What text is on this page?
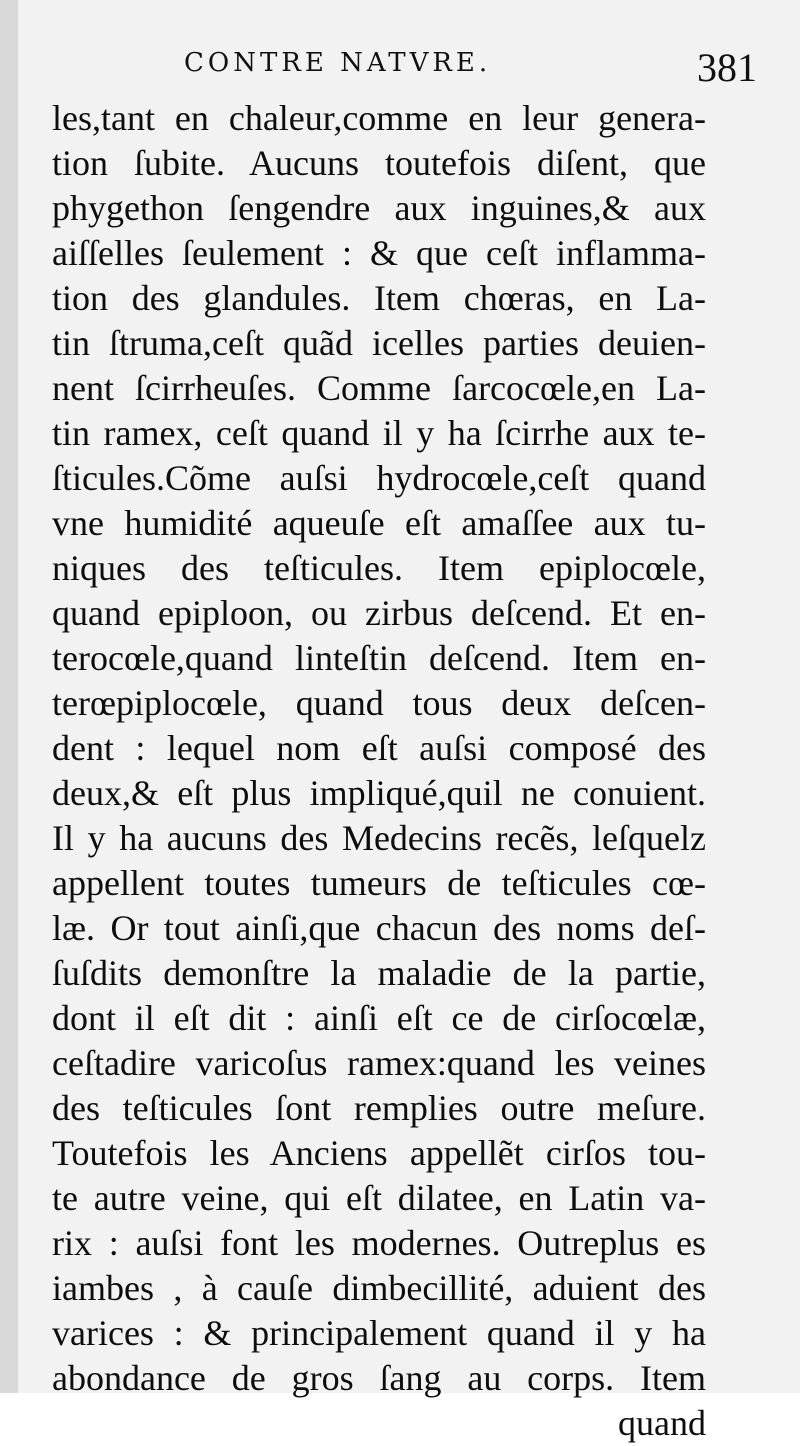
CONTRE NATVRE.	381
les,tant en chaleur,comme en leur genera-
tion ſubite. Aucuns toutefois diſent, que
phygethon ſengendre aux inguines,& aux
aiſſelles ſeulement : & que ceſt inflamma-
tion des glandules. Item chœras, en La-
tin ſtruma,ceſt quãd icelles parties deuien-
nent ſcirrheuſes. Comme ſarcocœle,en La-
tin ramex, ceſt quand il y ha ſcirrhe aux te-
ſticules.Cõme auſsi hydrocœle,ceſt quand
vne humidité aqueuſe eſt amaſſee aux tu-
niques des teſticules. Item epiplocœle,
quand epiploon, ou zirbus deſcend. Et en-
terocœle,quand linteſtin deſcend. Item en-
terœpiplocœle, quand tous deux deſcen-
dent : lequel nom eſt auſsi composé des
deux,& eſt plus impliqué,quil ne conuient.
Il y ha aucuns des Medecins recẽs, leſquelz
appellent toutes tumeurs de teſticules cœ-
læ. Or tout ainſi,que chacun des noms deſ-
ſuſdits demonſtre la maladie de la partie,
dont il eſt dit : ainſi eſt ce de cirſocœlæ,
ceſtadire varicoſus ramex:quand les veines
des teſticules ſont remplies outre meſure.
Toutefois les Anciens appellẽt cirſos tou-
te autre veine, qui eſt dilatee, en Latin va-
rix : auſsi font les modernes. Outreplus es
iambes , à cauſe dimbecillité, aduient des
varices : & principalement quand il y ha
abondance de gros ſang au corps. Item
quand
